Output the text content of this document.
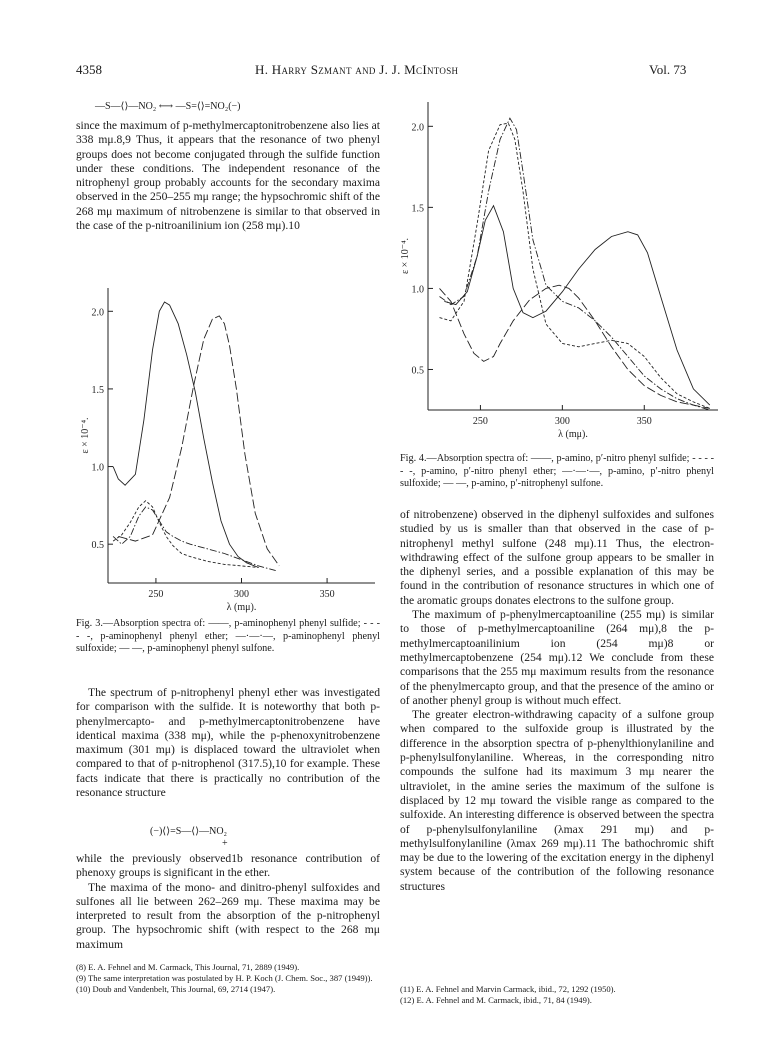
4358	H. Harry Szmant and J. J. McIntosh	Vol. 73
—S—⟨⟩—NO₂ ⟷ —S=⟨⟩=NO₂(−)

since the maximum of p-methylmercaptonitrobenzene also lies at 338 mμ.8,9 Thus, it appears that the resonance of two phenyl groups does not become conjugated through the sulfide function under these conditions. The independent resonance of the nitrophenyl group probably accounts for the secondary maxima observed in the 250–255 mμ range; the hypsochromic shift of the 268 mμ maximum of nitrobenzene is similar to that observed in the case of the p-nitroanilinium ion (258 mμ).10

0.5
1.0
1.5
2.0
250	300	350
λ (mμ).
ε × 10⁻⁴.
Fig. 3.—Absorption spectra of: ——, p-aminophenyl phenyl sulfide; - - - - -, p-aminophenyl phenyl ether; —·—·—, p-aminophenyl phenyl sulfoxide; — —, p-aminophenyl phenyl sulfone.

The spectrum of p-nitrophenyl phenyl ether was investigated for comparison with the sulfide. It is noteworthy that both p-phenylmercapto- and p-methylmercaptonitrobenzene have identical maxima (338 mμ), while the p-phenoxynitrobenzene maximum (301 mμ) is displaced toward the ultraviolet when compared to that of p-nitrophenol (317.5),10 for example. These facts indicate that there is practically no contribution of the resonance structure

(−)⟨⟩=S—⟨⟩—NO₂
+

while the previously observed1b resonance contribution of phenoxy groups is significant in the ether.

The maxima of the mono- and dinitro-phenyl sulfoxides and sulfones all lie between 262–269 mμ. These maxima may be interpreted to result from the absorption of the p-nitrophenyl group. The hypsochromic shift (with respect to the 268 mμ maximum

(8) E. A. Fehnel and M. Carmack, This Journal, 71, 2889 (1949).
(9) The same interpretation was postulated by H. P. Koch (J. Chem. Soc., 387 (1949)).
(10) Doub and Vandenbelt, This Journal, 69, 2714 (1947).
0.5
1.0
1.5
2.0
250	300	350
λ (mμ).
ε × 10⁻⁴.
Fig. 4.—Absorption spectra of: ——, p-amino, p′-nitro phenyl sulfide; - - - - - -, p-amino, p′-nitro phenyl ether; —·—·—, p-amino, p′-nitro phenyl sulfoxide; — —, p-amino, p′-nitrophenyl sulfone.

of nitrobenzene) observed in the diphenyl sulfoxides and sulfones studied by us is smaller than that observed in the case of p-nitrophenyl methyl sulfone (248 mμ).11 Thus, the electron-withdrawing effect of the sulfone group appears to be smaller in the diphenyl series, and a possible explanation of this may be found in the contribution of resonance structures in which one of the aromatic groups donates electrons to the sulfone group.

The maximum of p-phenylmercaptoaniline (255 mμ) is similar to those of p-methylmercaptoaniline (264 mμ),8 the p-methylmercaptoanilinium ion (254 mμ)8 or methylmercaptobenzene (254 mμ).12 We conclude from these comparisons that the 255 mμ maximum results from the resonance of the phenylmercapto group, and that the presence of the amino or of another phenyl group is without much effect.

The greater electron-withdrawing capacity of a sulfone group when compared to the sulfoxide group is illustrated by the difference in the absorption spectra of p-phenylthionylaniline and p-phenylsulfonylaniline. Whereas, in the corresponding nitro compounds the sulfone had its maximum 3 mμ nearer the ultraviolet, in the amine series the maximum of the sulfone is displaced by 12 mμ toward the visible range as compared to the sulfoxide. An interesting difference is observed between the spectra of p-phenylsulfonylaniline (λmax 291 mμ) and p-methylsulfonylaniline (λmax 269 mμ).11 The bathochromic shift may be due to the lowering of the excitation energy in the diphenyl system because of the contribution of the following resonance structures

(11) E. A. Fehnel and Marvin Carmack, ibid., 72, 1292 (1950).
(12) E. A. Fehnel and M. Carmack, ibid., 71, 84 (1949).
